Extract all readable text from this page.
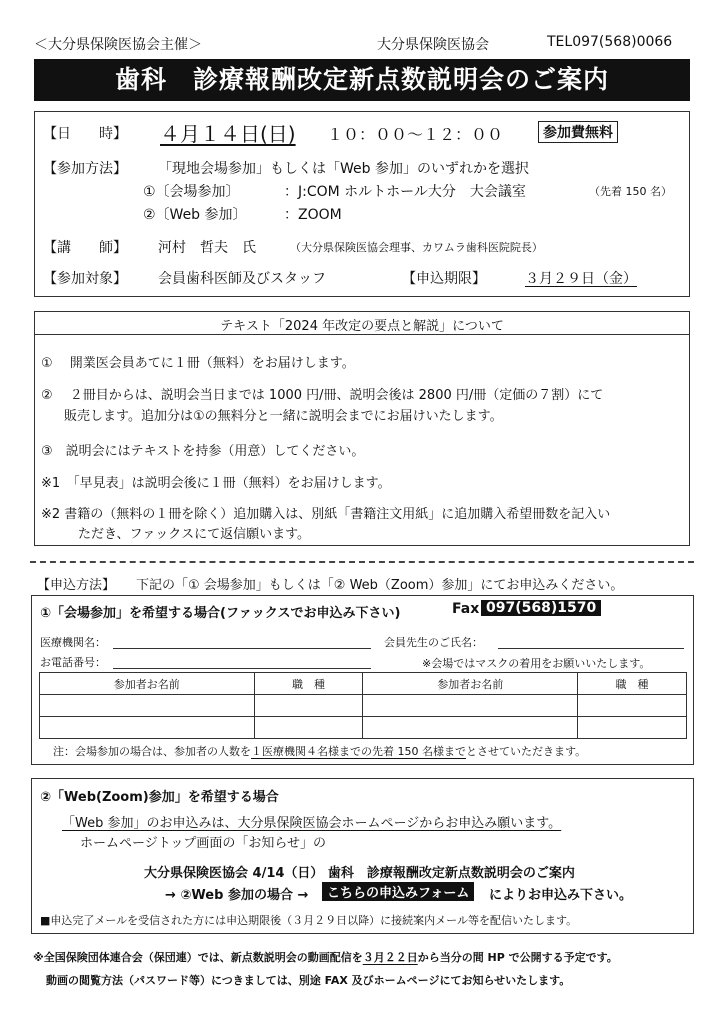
＜大分県保険医協会主催＞	大分県保険医協会	TEL097(568)0066
歯科　診療報酬改定新点数説明会のご案内
【日　　時】 ４月１４日(日) １０：００～１２：００	参加費無料
【参加方法】 「現地会場参加」もしくは「Web 参加」のいずれかを選択
①〔会場参加〕	：J:COM ホルトホール大分　大会議室	（先着 150 名）
②〔Web 参加〕	：ZOOM
【講　　師】 河村　哲夫　氏	（大分県保険医協会理事、カワムラ歯科医院院長）
【参加対象】 会員歯科医師及びスタッフ	【申込期限】	３月２９日（金）
テキスト「2024 年改定の要点と解説」について
①　 開業医会員あてに１冊（無料）をお届けします。
②　 ２冊目からは、説明会当日までは 1000 円/冊、説明会後は 2800 円/冊（定価の７割）にて
販売します。追加分は①の無料分と一緒に説明会までにお届けいたします。
③　説明会にはテキストを持参（用意）してください。
※1　「早見表」は説明会後に１冊（無料）をお届けします。
※2 書籍の（無料の１冊を除く）追加購入は、別紙「書籍注文用紙」に追加購入希望冊数を記入い
ただき、ファックスにて返信願います。
【申込方法】 下記の「① 会場参加」もしくは「② Web（Zoom）参加」にてお申込みください。
①「会場参加」を希望する場合(ファックスでお申込み下さい)	Fax 097(568)1570
医療機関名：	会員先生のご氏名：
お電話番号：	※会場ではマスクの着用をお願いいたします。
参加者お名前	職　種	参加者お名前	職　種

注：会場参加の場合は、参加者の人数を１医療機関４名様までの先着 150 名様までとさせていただきます。
②「Web(Zoom)参加」を希望する場合
「Web 参加」のお申込みは、大分県保険医協会ホームページからお申込み願います。
ホームページトップ画面の「お知らせ」の
大分県保険医協会 4/14（日） 歯科　診療報酬改定新点数説明会のご案内
→ ②Web 参加の場合 →	こちらの申込みフォーム	によりお申込み下さい。
■申込完了メールを受信された方には申込期限後（３月２９日以降）に接続案内メール等を配信いたします。
※全国保険団体連合会（保団連）では、新点数説明会の動画配信を３月２２日から当分の間 HP で公開する予定です。
動画の閲覧方法（パスワード等）につきましては、別途 FAX 及びホームページにてお知らせいたします。
